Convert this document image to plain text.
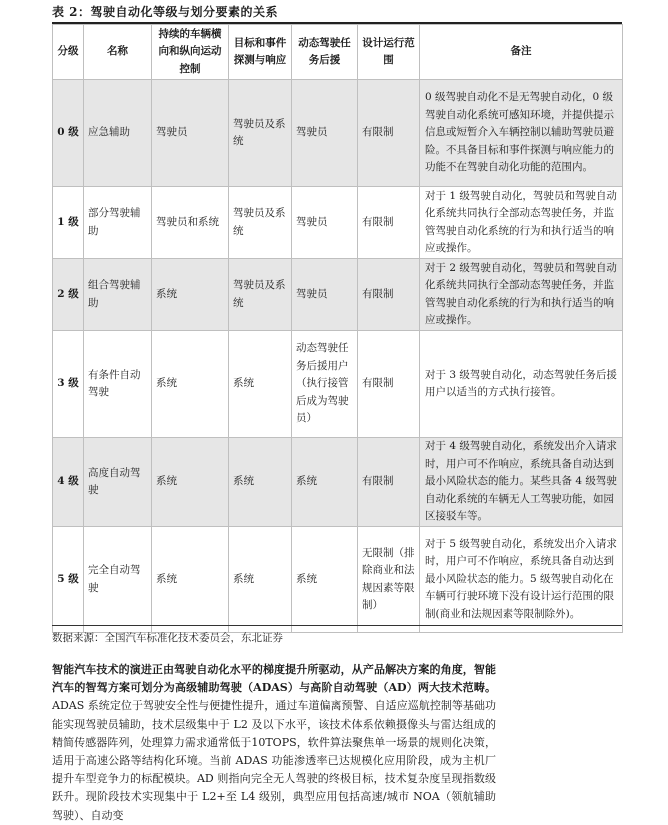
表 2：驾驶自动化等级与划分要素的关系
分级	名称	持续的车辆横向和纵向运动控制	目标和事件探测与响应	动态驾驶任务后援	设计运行范围	备注
0 级	应急辅助	驾驶员	驾驶员及系统	驾驶员	有限制	0 级驾驶自动化不是无驾驶自动化，0 级驾驶自动化系统可感知环境，并提供提示信息或短暂介入车辆控制以辅助驾驶员避险。不具备目标和事件探测与响应能力的功能不在驾驶自动化功能的范围内。
1 级	部分驾驶辅助	驾驶员和系统	驾驶员及系统	驾驶员	有限制	对于 1 级驾驶自动化，驾驶员和驾驶自动化系统共同执行全部动态驾驶任务，并监管驾驶自动化系统的行为和执行适当的响应或操作。
2 级	组合驾驶辅助	系统	驾驶员及系统	驾驶员	有限制	对于 2 级驾驶自动化，驾驶员和驾驶自动化系统共同执行全部动态驾驶任务，并监管驾驶自动化系统的行为和执行适当的响应或操作。
3 级	有条件自动驾驶	系统	系统	动态驾驶任务后援用户（执行接管后成为驾驶员）	有限制	对于 3 级驾驶自动化，动态驾驶任务后援用户以适当的方式执行接管。
4 级	高度自动驾驶	系统	系统	系统	有限制	对于 4 级驾驶自动化，系统发出介入请求时，用户可不作响应，系统具备自动达到最小风险状态的能力。某些具备 4 级驾驶自动化系统的车辆无人工驾驶功能，如园区接驳车等。
5 级	完全自动驾驶	系统	系统	系统	无限制（排除商业和法规因素等限制）	对于 5 级驾驶自动化，系统发出介入请求时，用户可不作响应，系统具备自动达到最小风险状态的能力。5 级驾驶自动化在车辆可行驶环境下没有设计运行范围的限制(商业和法规因素等限制除外)。
数据来源：全国汽车标准化技术委员会，东北证券
智能汽车技术的演进正由驾驶自动化水平的梯度提升所驱动，从产品解决方案的角度，智能汽车的智驾方案可划分为高级辅助驾驶（ADAS）与高阶自动驾驶（AD）两大技术范畴。ADAS 系统定位于驾驶安全性与便捷性提升，通过车道偏离预警、自适应巡航控制等基础功能实现驾驶员辅助，技术层级集中于 L2 及以下水平，该技术体系依赖摄像头与雷达组成的精简传感器阵列，处理算力需求通常低于10TOPS，软件算法聚焦单一场景的规则化决策，适用于高速公路等结构化环境。当前 ADAS 功能渗透率已达规模化应用阶段，成为主机厂提升车型竞争力的标配模块。AD 则指向完全无人驾驶的终极目标，技术复杂度呈现指数级跃升。现阶段技术实现集中于 L2+至 L4 级别，典型应用包括高速/城市 NOA（领航辅助驾驶）、自动变
